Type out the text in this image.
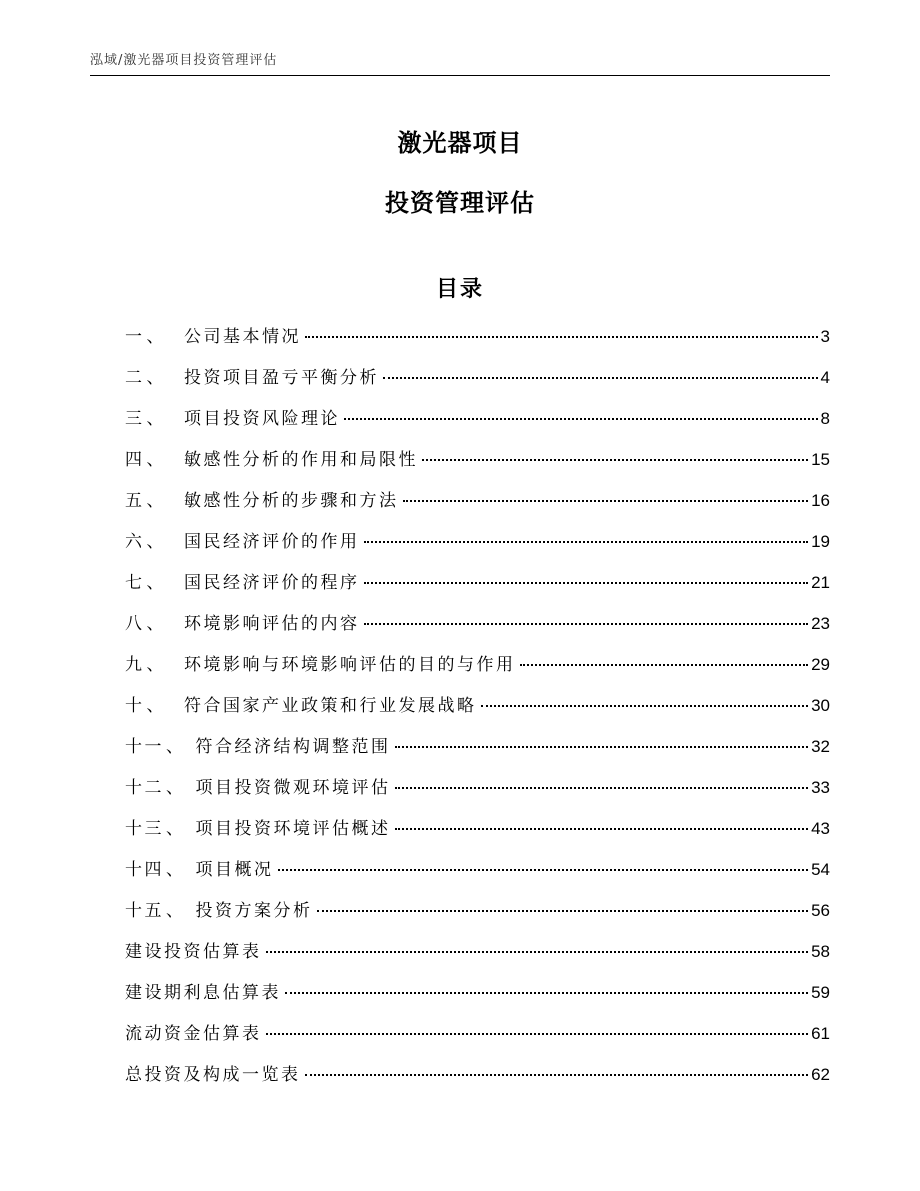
泓域/激光器项目投资管理评估
激光器项目
投资管理评估
目录
一 、 公司基本情况	3
二 、 投资项目盈亏平衡分析	4
三 、 项目投资风险理论	8
四 、 敏感性分析的作用和局限性	15
五 、 敏感性分析的步骤和方法	16
六 、 国民经济评价的作用	19
七 、 国民经济评价的程序	21
八 、 环境影响评估的内容	23
九 、 环境影响与环境影响评估的目的与作用	29
十 、 符合国家产业政策和行业发展战略	30
十一 、 符合经济结构调整范围	32
十二 、 项目投资微观环境评估	33
十三 、 项目投资环境评估概述	43
十四 、 项目概况	54
十五 、 投资方案分析	56
建设投资估算表	58
建设期利息估算表	59
流动资金估算表	61
总投资及构成一览表	62
